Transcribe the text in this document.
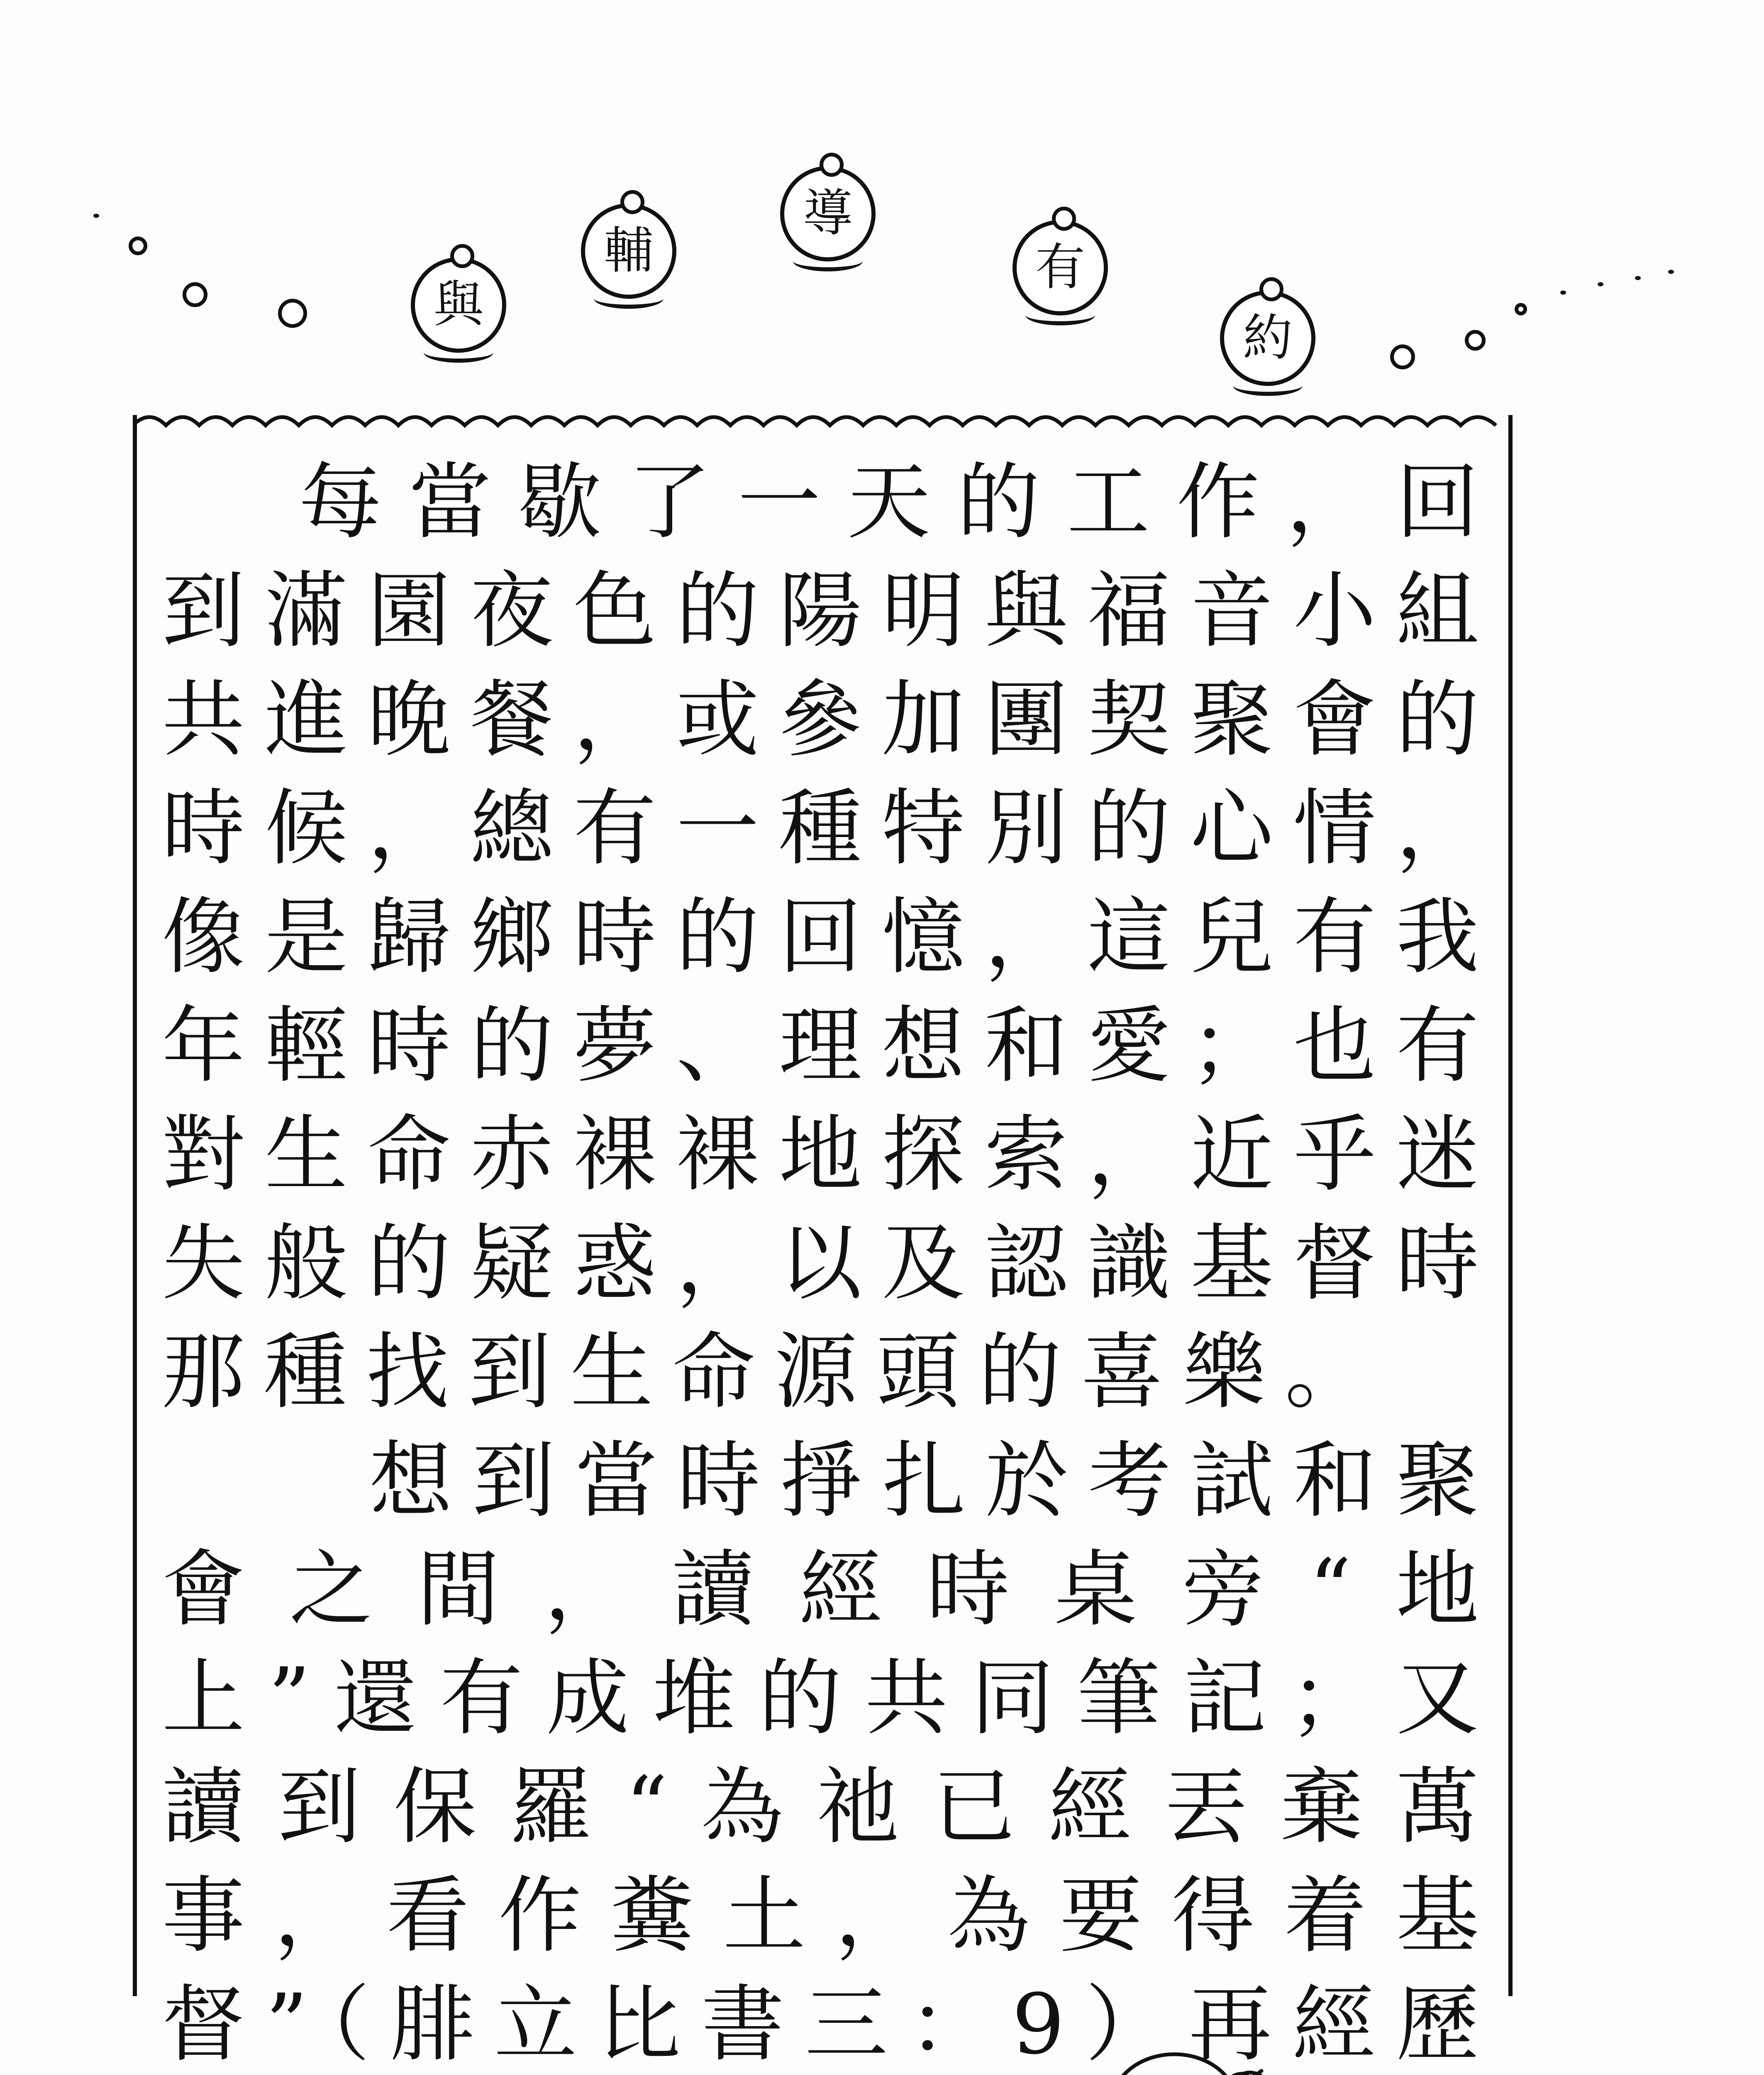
與
輔
導
有
約

每當歇了一天的工作，回到滿園夜色的陽明與福音小組共進晚餐，或參加團契聚會的時候，總有一種特別的心情，像是歸鄉時的回憶，這兒有我年輕時的夢、理想和愛；也有對生命赤裸裸地探索，近乎迷失般的疑惑，以及認識基督時那種找到生命源頭的喜樂。

想到當時掙扎於考試和聚會之間，讀經時桌旁“地上”還有成堆的共同筆記；又讀到保羅“為祂已經丟棄萬事，看作糞土，為要得着基督”（腓立比書三：9）再經歷
